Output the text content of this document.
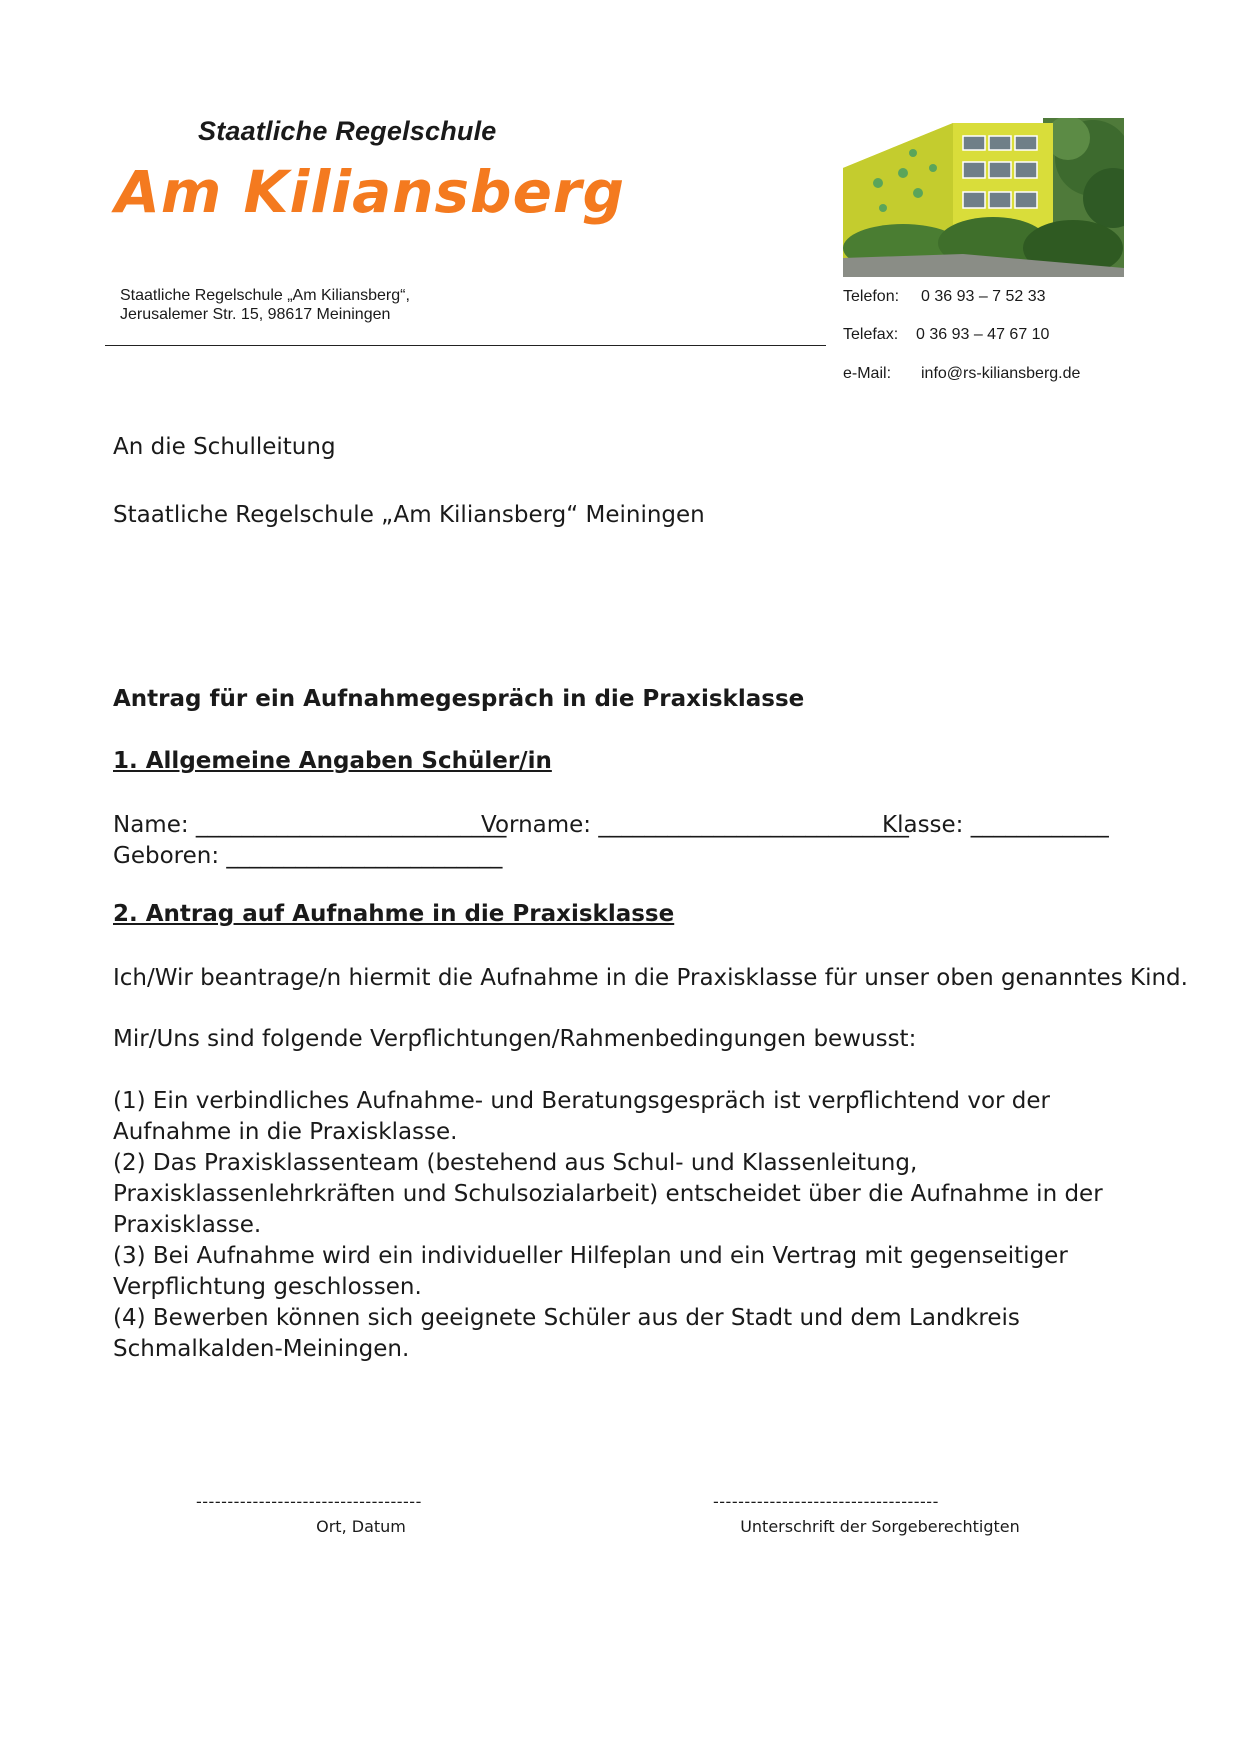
Staatliche Regelschule
Am Kiliansberg
Staatliche Regelschule „Am Kiliansberg“,
Jerusalemer Str. 15, 98617 Meiningen
Telefon: 0 36 93 – 7 52 33
Telefax: 0 36 93 – 47 67 10
e-Mail: info@rs-kiliansberg.de
An die Schulleitung
Staatliche Regelschule „Am Kiliansberg“ Meiningen
Antrag für ein Aufnahmegespräch in die Praxisklasse
1. Allgemeine Angaben Schüler/in
Name: ___________________________
Vorname: ___________________________
Klasse: ____________
Geboren: ________________________
2. Antrag auf Aufnahme in die Praxisklasse
Ich/Wir beantrage/n hiermit die Aufnahme in die Praxisklasse für unser oben genanntes Kind.
Mir/Uns sind folgende Verpflichtungen/Rahmenbedingungen bewusst:
(1) Ein verbindliches Aufnahme- und Beratungsgespräch ist verpflichtend vor der Aufnahme in die Praxisklasse.
(2) Das Praxisklassenteam (bestehend aus Schul- und Klassenleitung, Praxisklassenlehrkräften und Schulsozialarbeit) entscheidet über die Aufnahme in der Praxisklasse.
(3) Bei Aufnahme wird ein individueller Hilfeplan und ein Vertrag mit gegenseitiger Verpflichtung geschlossen.
(4) Bewerben können sich geeignete Schüler aus der Stadt und dem Landkreis Schmalkalden-Meiningen.
------------------------------------	------------------------------------
Ort, Datum	Unterschrift der Sorgeberechtigten
